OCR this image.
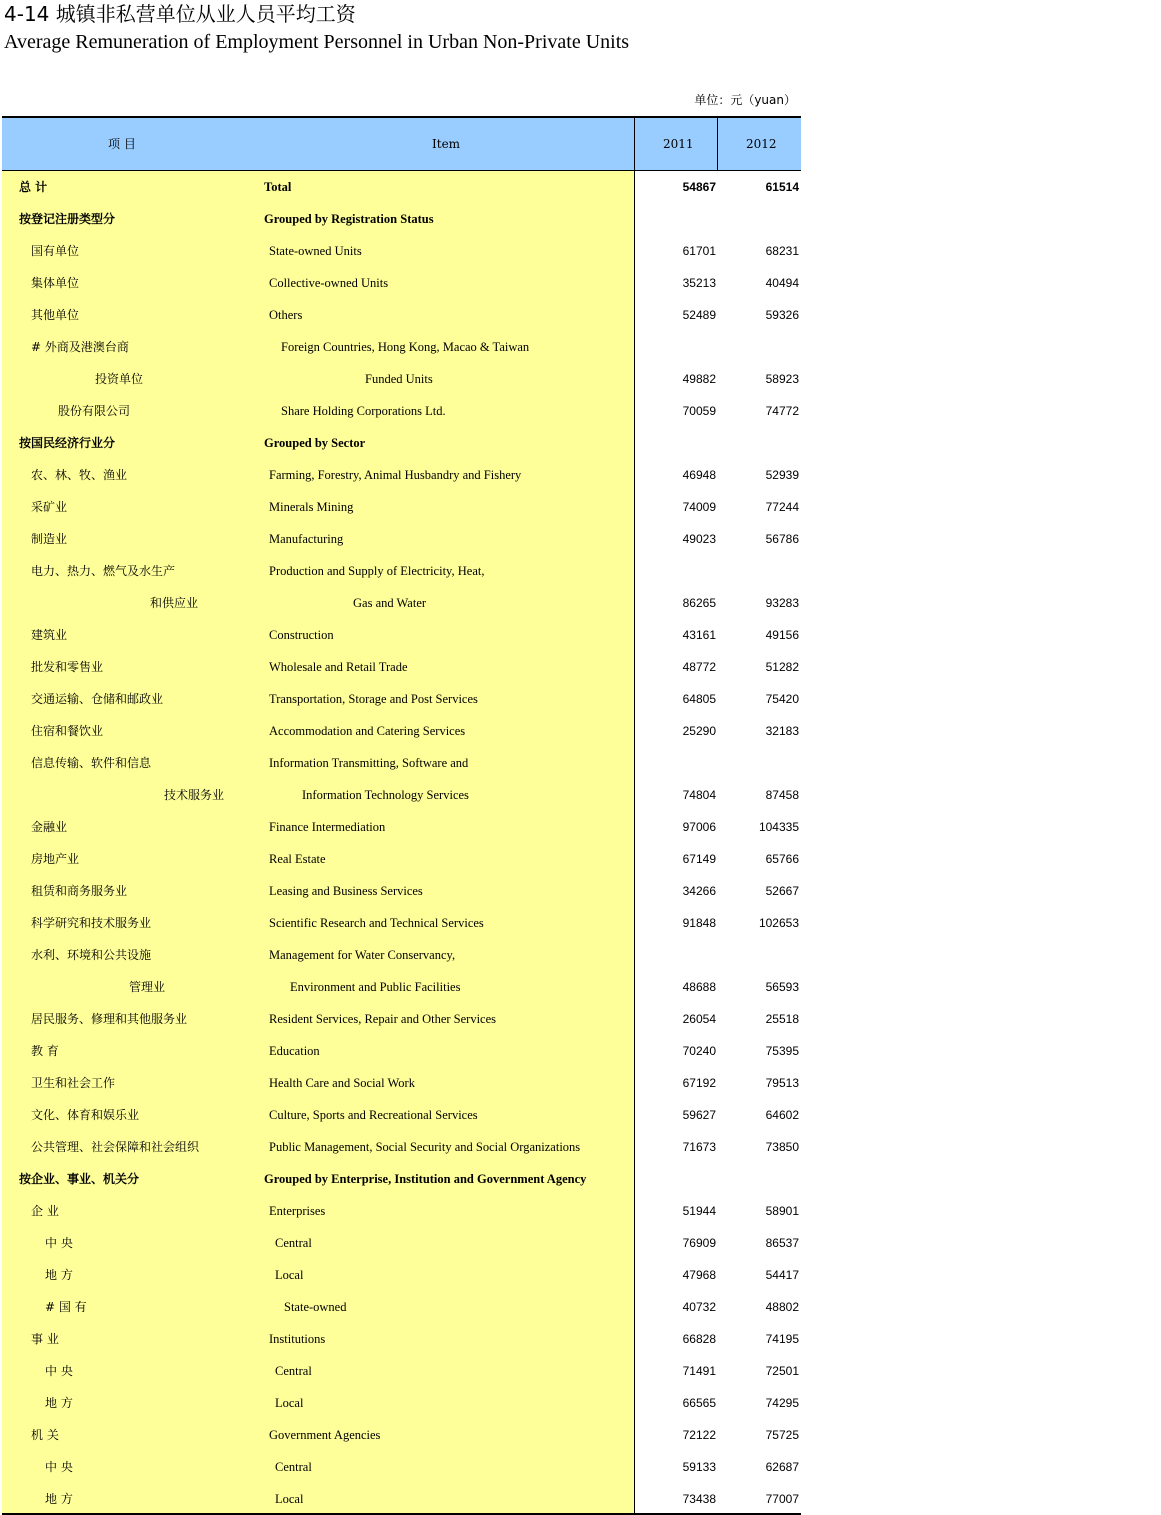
4-14 城镇非私营单位从业人员平均工资
Average Remuneration of Employment Personnel in Urban Non-Private Units
单位：元（yuan）
项 目	Item	2011	2012
总 计	Total	54867	61514
按登记注册类型分	Grouped by Registration Status
国有单位	State-owned Units	61701	68231
集体单位	Collective-owned Units	35213	40494
其他单位	Others	52489	59326
# 外商及港澳台商	Foreign Countries, Hong Kong, Macao & Taiwan
投资单位	Funded Units	49882	58923
股份有限公司	Share Holding Corporations Ltd.	70059	74772
按国民经济行业分	Grouped by Sector
农、林、牧、渔业	Farming, Forestry, Animal Husbandry and Fishery	46948	52939
采矿业	Minerals Mining	74009	77244
制造业	Manufacturing	49023	56786
电力、热力、燃气及水生产	Production and Supply of Electricity, Heat,
和供应业	Gas and Water	86265	93283
建筑业	Construction	43161	49156
批发和零售业	Wholesale and Retail Trade	48772	51282
交通运输、仓储和邮政业	Transportation, Storage and Post Services	64805	75420
住宿和餐饮业	Accommodation and Catering Services	25290	32183
信息传输、软件和信息	Information Transmitting, Software and
技术服务业	Information Technology Services	74804	87458
金融业	Finance Intermediation	97006	104335
房地产业	Real Estate	67149	65766
租赁和商务服务业	Leasing and Business Services	34266	52667
科学研究和技术服务业	Scientific Research and Technical Services	91848	102653
水利、环境和公共设施	Management for Water Conservancy,
管理业	Environment and Public Facilities	48688	56593
居民服务、修理和其他服务业	Resident Services, Repair and Other Services	26054	25518
教 育	Education	70240	75395
卫生和社会工作	Health Care and Social Work	67192	79513
文化、体育和娱乐业	Culture, Sports and Recreational Services	59627	64602
公共管理、社会保障和社会组织	Public Management, Social Security and Social Organizations	71673	73850
按企业、事业、机关分	Grouped by Enterprise, Institution and Government Agency
企 业	Enterprises	51944	58901
中 央	Central	76909	86537
地 方	Local	47968	54417
# 国 有	State-owned	40732	48802
事 业	Institutions	66828	74195
中 央	Central	71491	72501
地 方	Local	66565	74295
机 关	Government Agencies	72122	75725
中 央	Central	59133	62687
地 方	Local	73438	77007
